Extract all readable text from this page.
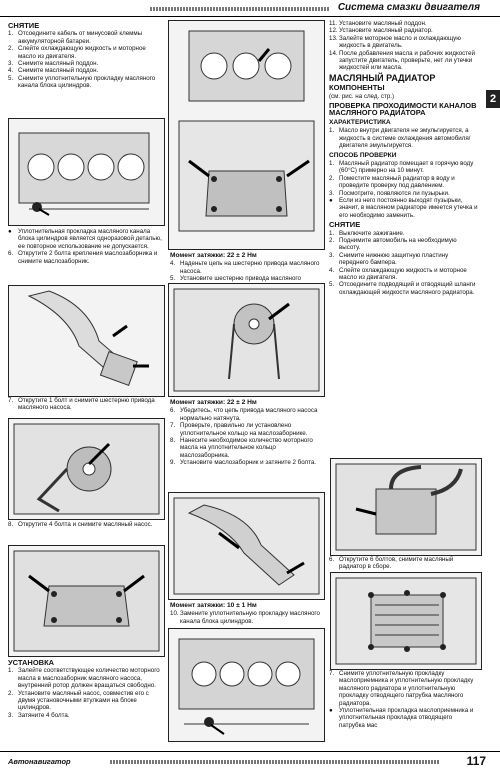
Система смазки двигателя
2
СНЯТИЕ

1. Отсоедините кабель от минусовой клеммы аккумуляторной батареи.

2. Слейте охлаждающую жидкость и моторное масло из двигателя.

3. Снимите масляный поддон.

4. Снимите масляный поддон.

5. Снимите уплотнительную прокладку масляного канала блока цилиндров.

● Уплотнительная прокладка масляного канала блока цилиндров является одноразовой деталью, ее повторное использование не допускается.

6. Открутите 2 болта крепления маслозаборника и снимите маслозаборник.

7. Открутите 1 болт и снимите шестерню привода масляного насоса.

8. Открутите 4 болта и снимите масляный насос.

УСТАНОВКА

1. Залейте соответствующее количество моторного масла в маслозаборник масляного насоса, внутренний ротор должен вращаться свободно.

2. Установите масляный насос, совместив его с двумя установочными втулками на блоке цилиндров.

3. Затяните 4 болта.

Момент затяжки: 22 ± 2 Нм

4. Наденьте цепь на шестерню привода масляного насоса.

5. Установите шестерню привода масляного

Момент затяжки: 22 ± 2 Нм

6. Убедитесь, что цепь привода масляного насоса нормально натянута.

7. Проверьте, правильно ли установлено уплотнительное кольцо на маслозаборнике.

8. Нанесите необходимое количество моторного масла на уплотнительное кольцо маслозаборника.

9. Установите маслозаборник и затяните 2 болта.

Момент затяжки: 10 ± 1 Нм

10. Замените уплотнительную прокладку масляного канала блока цилиндров.

11. Установите масляный поддон.

12. Установите масляный радиатор.

13. Залейте моторное масло и охлаждающую жидкость в двигатель.

14. После добавления масла и рабочих жидкостей запустите двигатель, проверьте, нет ли утечки жидкостей или масла.

МАСЛЯНЫЙ РАДИАТОР
КОМПОНЕНТЫ

(см. рис. на след. стр.)

ПРОВЕРКА ПРОХОДИМОСТИ КАНАЛОВ МАСЛЯНОГО РАДИАТОРА
ХАРАКТЕРИСТИКА

1. Масло внутри двигателя не эмульгируется, а жидкость в системе охлаждения автомобиля/двигателя эмульгируется.

СПОСОБ ПРОВЕРКИ

1. Масляный радиатор помещает в горячую воду (60°С) примерно на 10 минут.

2. Поместите масляный радиатор в воду и проведите проверку под давлением.

3. Посмотрите, появляются ли пузырьки.

● Если из него постоянно выходят пузырьки, значит, в масляном радиаторе имеется утечка и его необходимо заменить.

СНЯТИЕ

1. Выключите зажигание.

2. Поднимите автомобиль на необходимую высоту.

3. Снимите нижнюю защитную пластину переднего бампера.

4. Слейте охлаждающую жидкость и моторное масло из двигателя.

5. Отсоедините подводящий и отводящий шланги охлаждающей жидкости масляного радиатора.

6. Открутите 6 болтов, снимите масляный радиатор в сборе.

7. Снимите уплотнительную прокладку маслоприемника и уплотнительную прокладку масляного радиатора и уплотнительную прокладку отводящего патрубка масляного радиатора.

● Уплотнительная прокладка маслоприемника и уплотнительная прокладка отводящего патрубка мас

Автонавигатор	117
